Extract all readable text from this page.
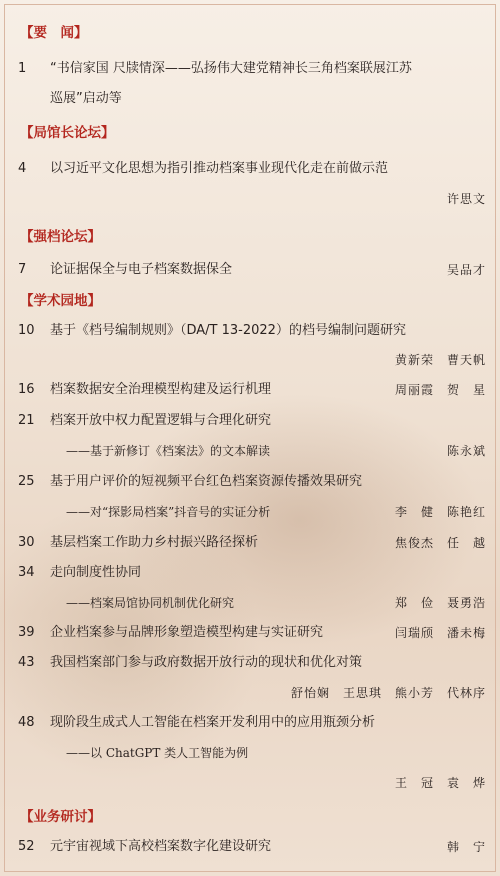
【要　闻】
1	“书信家国 尺牍情深——弘扬伟大建党精神长三角档案联展江苏
巡展”启动等
【局馆长论坛】
4	以习近平文化思想为指引推动档案事业现代化走在前做示范
许思文
【强档论坛】
7	论证据保全与电子档案数据保全	吴品才
【学术园地】
10	基于《档号编制规则》（DA/T 13-2022）的档号编制问题研究
黄新荣　曹天帆
16	档案数据安全治理模型构建及运行机理	周丽霞　贺　星
21	档案开放中权力配置逻辑与合理化研究
——基于新修订《档案法》的文本解读	陈永斌
25	基于用户评价的短视频平台红色档案资源传播效果研究
——对“探影局档案”抖音号的实证分析	李　健　陈艳红
30	基层档案工作助力乡村振兴路径探析	焦俊杰　任　越
34	走向制度性协同
——档案局馆协同机制优化研究	郑　俭　聂勇浩
39	企业档案参与品牌形象塑造模型构建与实证研究	闫瑞颀　潘未梅
43	我国档案部门参与政府数据开放行动的现状和优化对策
舒怡娴　王思琪　熊小芳　代林序
48	现阶段生成式人工智能在档案开发利用中的应用瓶颈分析
——以 ChatGPT 类人工智能为例
王　冠　袁　烨
【业务研讨】
52	元宇宙视域下高校档案数字化建设研究	韩　宁
